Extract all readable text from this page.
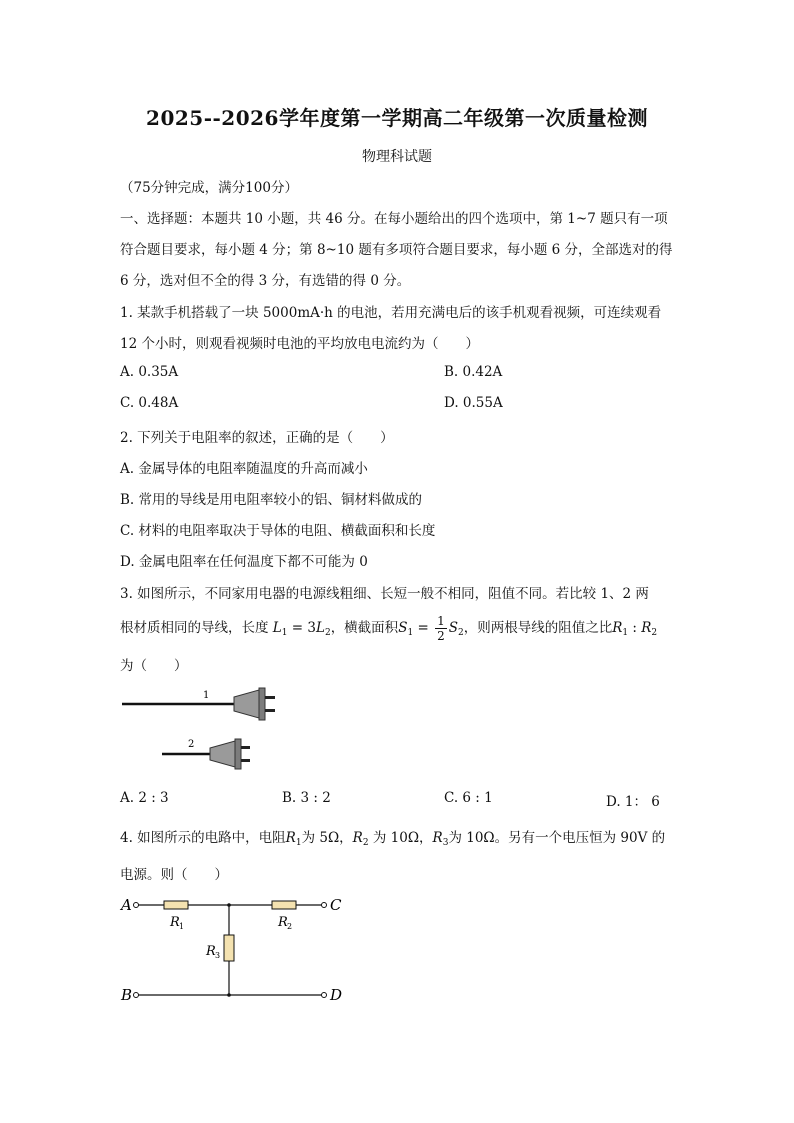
2025--2026学年度第一学期高二年级第一次质量检测
物理科试题
（75分钟完成，满分100分）
一、选择题：本题共 10 小题，共 46 分。在每小题给出的四个选项中，第 1~7 题只有一项
符合题目要求，每小题 4 分；第 8~10 题有多项符合题目要求，每小题 6 分，全部选对的得
6 分，选对但不全的得 3 分，有选错的得 0 分。
1. 某款手机搭载了一块 5000mA·h 的电池，若用充满电后的该手机观看视频，可连续观看
12 个小时，则观看视频时电池的平均放电电流约为（　　）
A. 0.35A	B. 0.42A
C. 0.48A	D. 0.55A
2. 下列关于电阻率的叙述，正确的是（　　）
A. 金属导体的电阻率随温度的升高而减小
B. 常用的导线是用电阻率较小的铝、铜材料做成的
C. 材料的电阻率取决于导体的电阻、横截面积和长度
D. 金属电阻率在任何温度下都不可能为 0
3. 如图所示，不同家用电器的电源线粗细、长短一般不相同，阻值不同。若比较 1、2 两
根材质相同的导线，长度 $L_1 = 3L_2$，横截面积$S_1 = \frac{1}{2} S_2$，则两根导线的阻值之比$R_1$ : $R_2$
为（　　）
1
2
A. 2 : 3	B. 3 : 2	C. 6 : 1	D. 1： 6
4. 如图所示的电路中，电阻$R_1$为 5Ω，$R_2$ 为 10Ω，$R_3$为 10Ω。另有一个电压恒为 90V 的
电源。则（　　）
A	C
B	D
R 1	R 2
R 3
